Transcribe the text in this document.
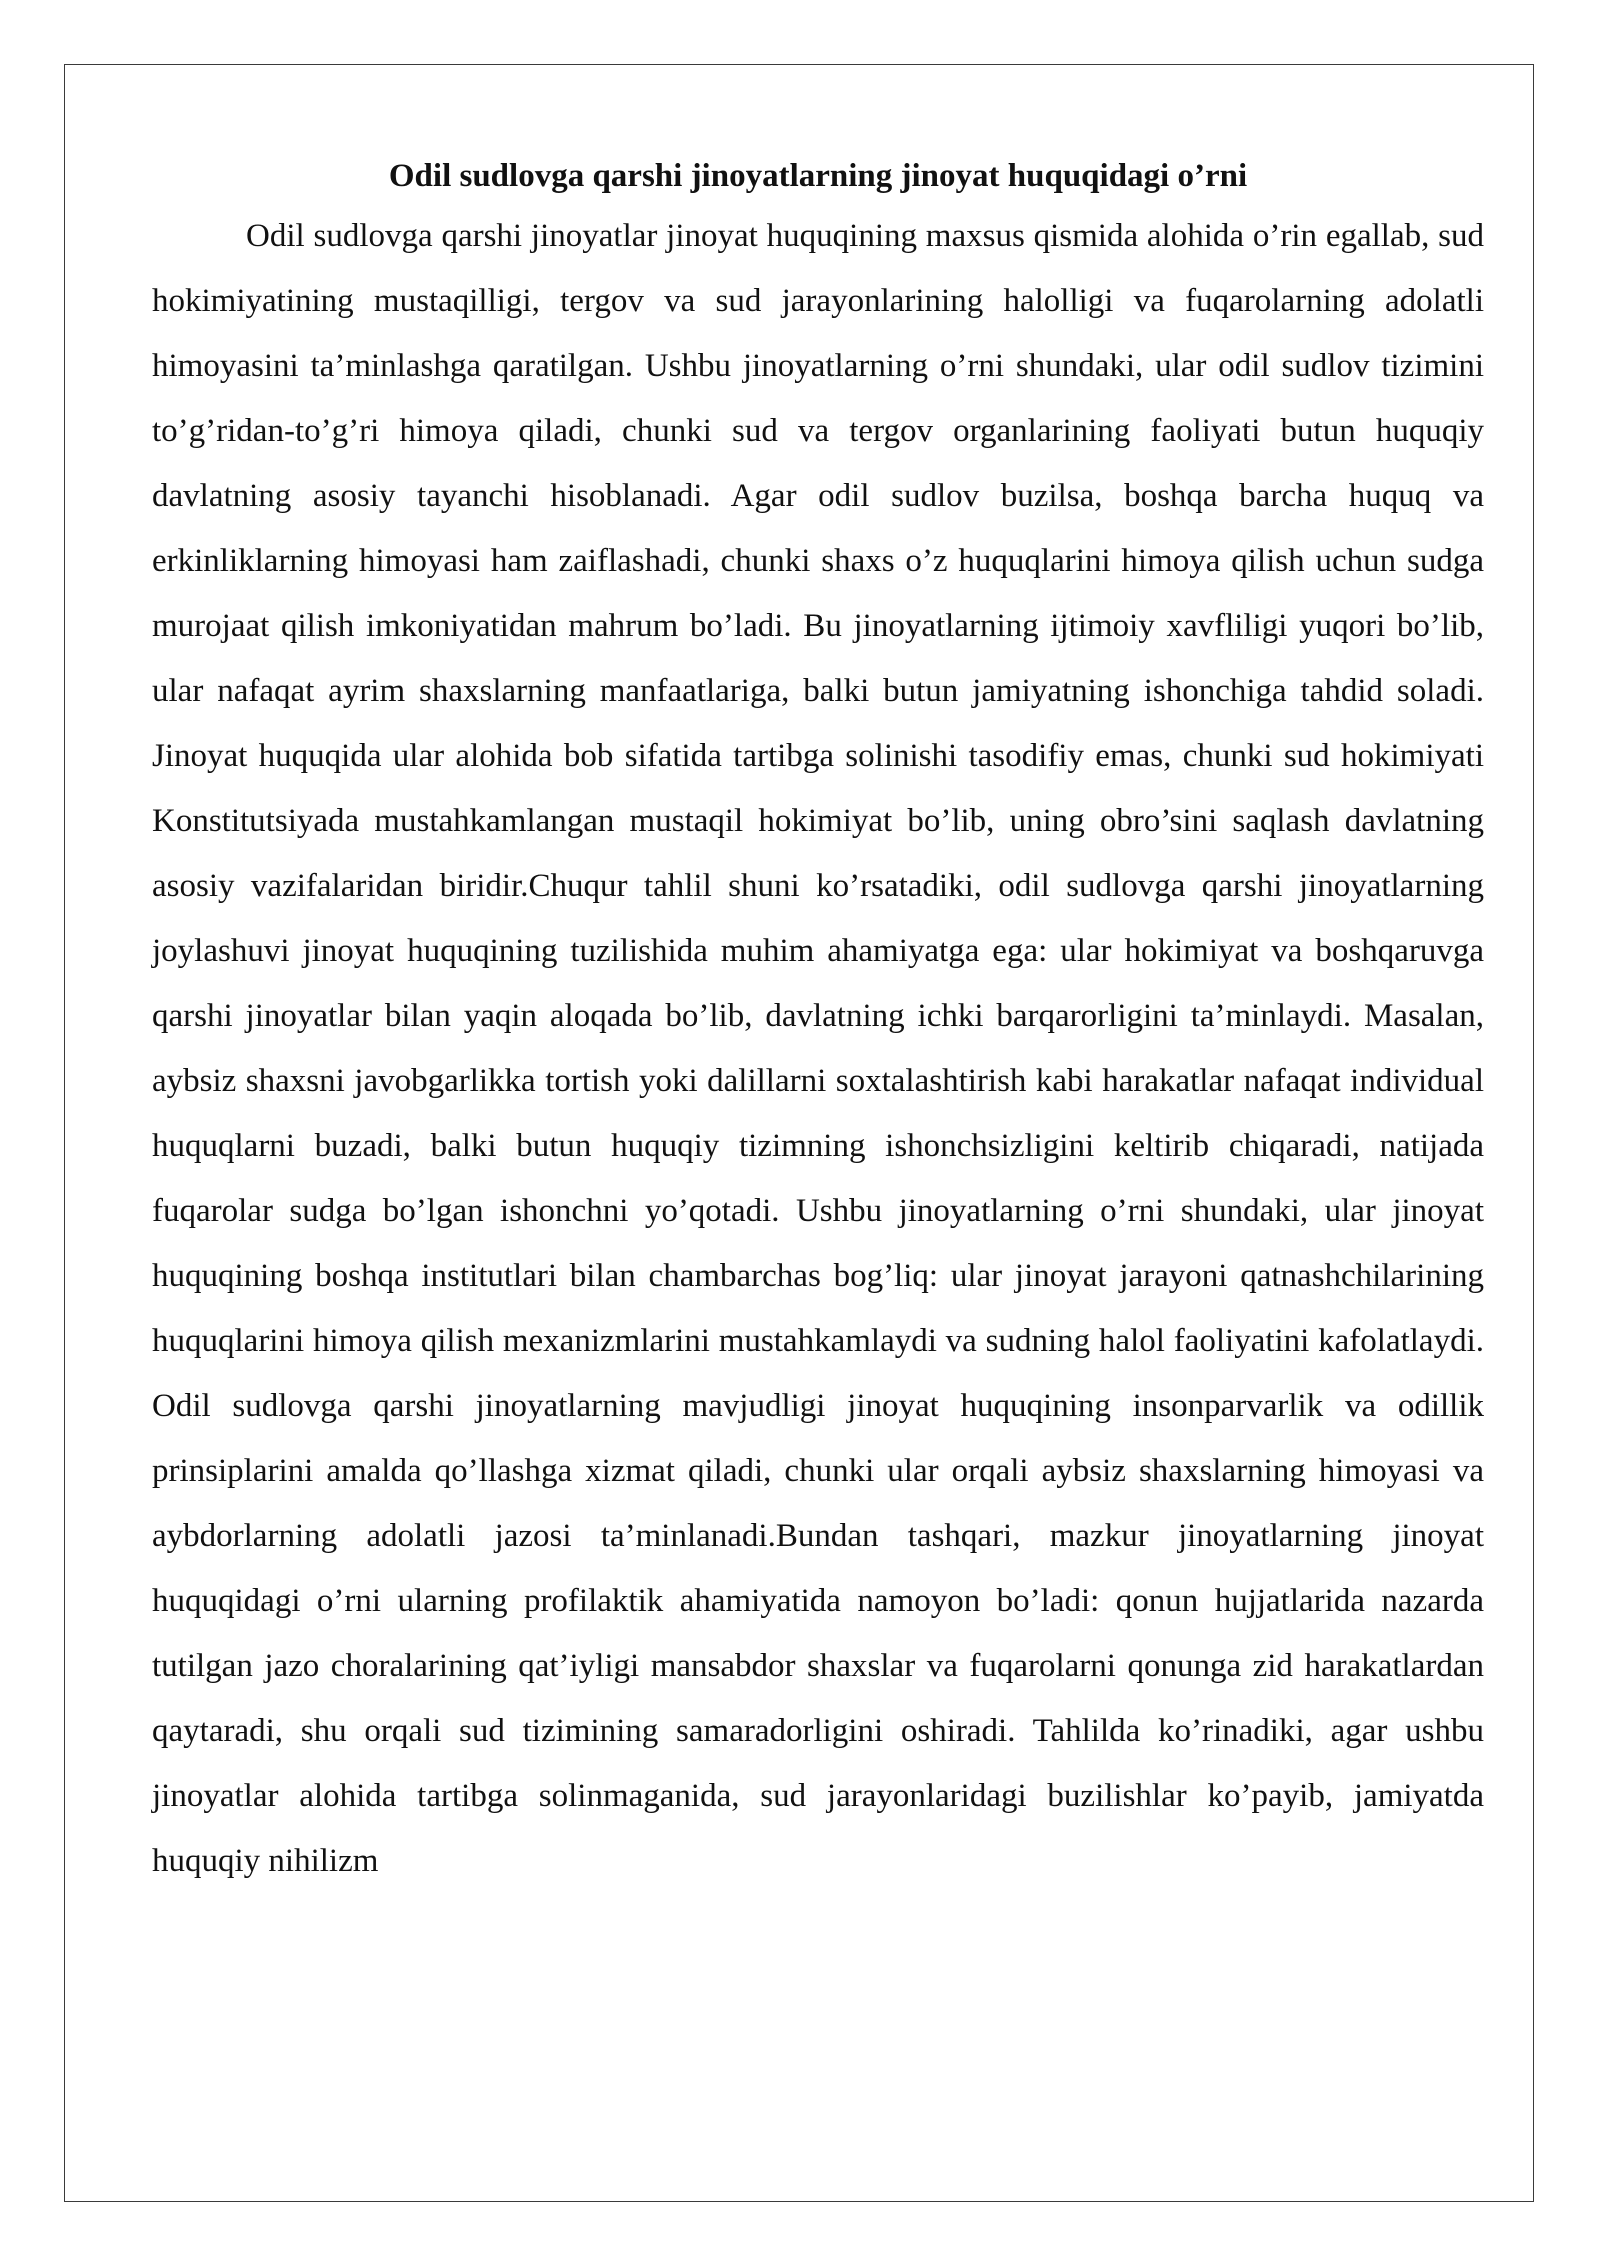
Odil sudlovga qarshi jinoyatlarning jinoyat huquqidagi o’rni

Odil sudlovga qarshi jinoyatlar jinoyat huquqining maxsus qismida alohida o’rin egallab, sud hokimiyatining mustaqilligi, tergov va sud jarayonlarining halolligi va fuqarolarning adolatli himoyasini ta’minlashga qaratilgan. Ushbu jinoyatlarning o’rni shundaki, ular odil sudlov tizimini to’g’ridan-to’g’ri himoya qiladi, chunki sud va tergov organlarining faoliyati butun huquqiy davlatning asosiy tayanchi hisoblanadi. Agar odil sudlov buzilsa, boshqa barcha huquq va erkinliklarning himoyasi ham zaiflashadi, chunki shaxs o’z huquqlarini himoya qilish uchun sudga murojaat qilish imkoniyatidan mahrum bo’ladi. Bu jinoyatlarning ijtimoiy xavfliligi yuqori bo’lib, ular nafaqat ayrim shaxslarning manfaatlariga, balki butun jamiyatning ishonchiga tahdid soladi. Jinoyat huquqida ular alohida bob sifatida tartibga solinishi tasodifiy emas, chunki sud hokimiyati Konstitutsiyada mustahkamlangan mustaqil hokimiyat bo’lib, uning obro’sini saqlash davlatning asosiy vazifalaridan biridir.Chuqur tahlil shuni ko’rsatadiki, odil sudlovga qarshi jinoyatlarning joylashuvi jinoyat huquqining tuzilishida muhim ahamiyatga ega: ular hokimiyat va boshqaruvga qarshi jinoyatlar bilan yaqin aloqada bo’lib, davlatning ichki barqarorligini ta’minlaydi. Masalan, aybsiz shaxsni javobgarlikka tortish yoki dalillarni soxtalashtirish kabi harakatlar nafaqat individual huquqlarni buzadi, balki butun huquqiy tizimning ishonchsizligini keltirib chiqaradi, natijada fuqarolar sudga bo’lgan ishonchni yo’qotadi. Ushbu jinoyatlarning o’rni shundaki, ular jinoyat huquqining boshqa institutlari bilan chambarchas bog’liq: ular jinoyat jarayoni qatnashchilarining huquqlarini himoya qilish mexanizmlarini mustahkamlaydi va sudning halol faoliyatini kafolatlaydi. Odil sudlovga qarshi jinoyatlarning mavjudligi jinoyat huquqining insonparvarlik va odillik prinsiplarini amalda qo’llashga xizmat qiladi, chunki ular orqali aybsiz shaxslarning himoyasi va aybdorlarning adolatli jazosi ta’minlanadi.Bundan tashqari, mazkur jinoyatlarning jinoyat huquqidagi o’rni ularning profilaktik ahamiyatida namoyon bo’ladi: qonun hujjatlarida nazarda tutilgan jazo choralarining qat’iyligi mansabdor shaxslar va fuqarolarni qonunga zid harakatlardan qaytaradi, shu orqali sud tizimining samaradorligini oshiradi. Tahlilda ko’rinadiki, agar ushbu jinoyatlar alohida tartibga solinmaganida, sud jarayonlaridagi buzilishlar ko’payib, jamiyatda huquqiy nihilizm
